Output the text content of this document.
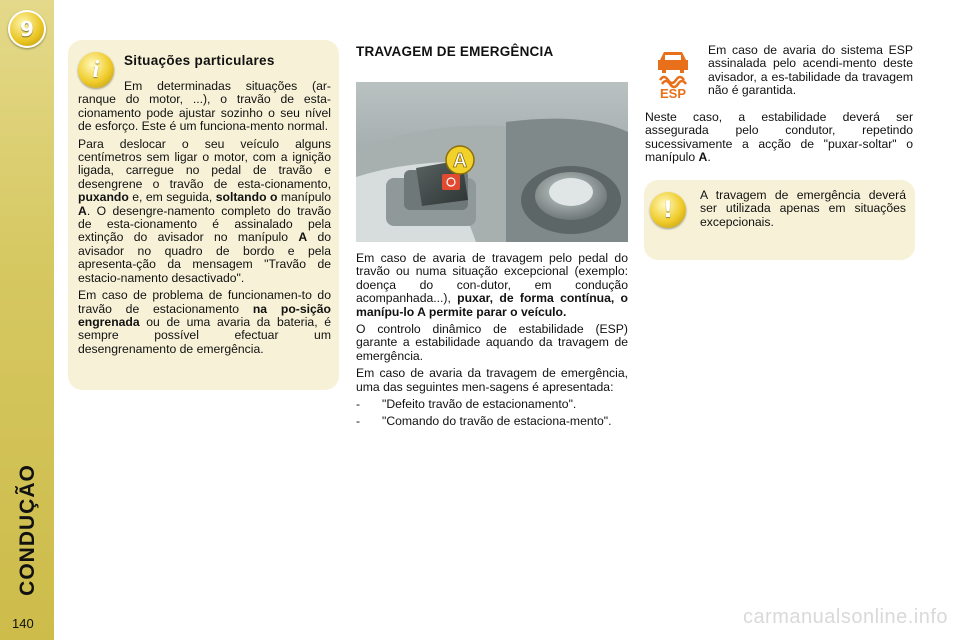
9
CONDUÇÃO
140
i Situações particulares

Em determinadas situações (ar-ranque do motor, ...), o travão de esta-cionamento pode ajustar sozinho o seu nível de esforço. Este é um funciona-mento normal.

Para deslocar o seu veículo alguns centímetros sem ligar o motor, com a ignição ligada, carregue no pedal de travão e desengrene o travão de esta-cionamento, puxando e, em seguida, soltando o manípulo A. O desengre-namento completo do travão de esta-cionamento é assinalado pela extinção do avisador no manípulo A do avisador no quadro de bordo e pela apresenta-ção da mensagem "Travão de estacio-namento desactivado".

Em caso de problema de funcionamen-to do travão de estacionamento na po-sição engrenada ou de uma avaria da bateria, é sempre possível efectuar um desengrenamento de emergência.

TRAVAGEM DE EMERGÊNCIA
A

Em caso de avaria de travagem pelo pedal do travão ou numa situação excepcional (exemplo: doença do con-dutor, em condução acompanhada...), puxar, de forma contínua, o manípu-lo A permite parar o veículo.

O controlo dinâmico de estabilidade (ESP) garante a estabilidade aquando da travagem de emergência.

Em caso de avaria da travagem de emergência, uma das seguintes men-sagens é apresentada:

-	"Defeito travão de estacionamento".
-	"Comando do travão de estaciona-mento".
ESP
Em caso de avaria do sistema ESP assinalada pelo acendi-mento deste avisador, a es-tabilidade da travagem não é garantida.
Neste caso, a estabilidade deverá ser assegurada pelo condutor, repetindo sucessivamente a acção de "puxar-soltar" o manípulo A.
!
A travagem de emergência deverá ser utilizada apenas em situações excepcionais.
carmanualsonline.info
